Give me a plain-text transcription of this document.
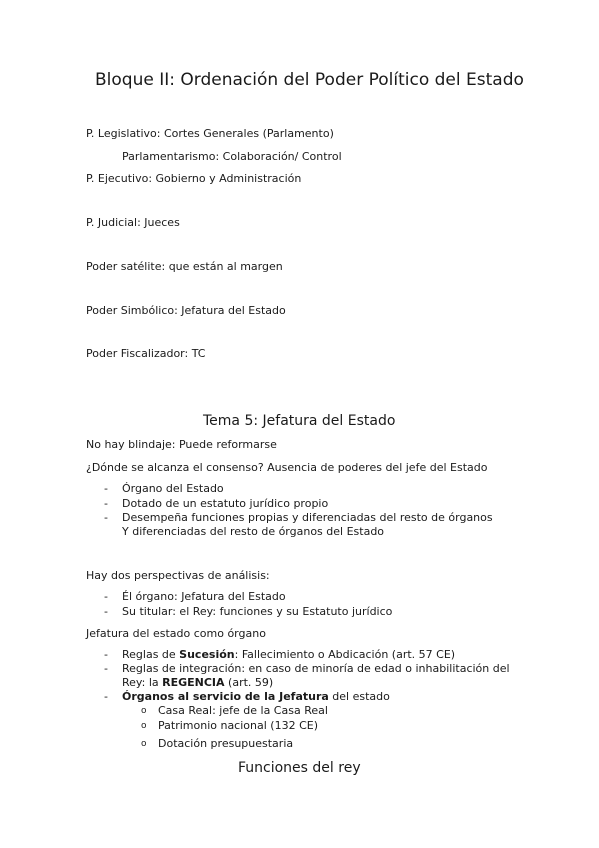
Bloque II: Ordenación del Poder Político del Estado
P. Legislativo: Cortes Generales (Parlamento)
Parlamentarismo: Colaboración/ Control
P. Ejecutivo: Gobierno y Administración
P. Judicial: Jueces
Poder satélite: que están al margen
Poder Simbólico: Jefatura del Estado
Poder Fiscalizador: TC
Tema 5: Jefatura del Estado
No hay blindaje: Puede reformarse
¿Dónde se alcanza el consenso? Ausencia de poderes del jefe del Estado
- Órgano del Estado
- Dotado de un estatuto jurídico propio
- Desempeña funciones propias y diferenciadas del resto de órganos
Y diferenciadas del resto de órganos del Estado
Hay dos perspectivas de análisis:
- Él órgano: Jefatura del Estado
- Su titular: el Rey: funciones y su Estatuto jurídico
Jefatura del estado como órgano
- Reglas de Sucesión: Fallecimiento o Abdicación (art. 57 CE)
- Reglas de integración: en caso de minoría de edad o inhabilitación del
Rey: la REGENCIA (art. 59)
- Órganos al servicio de la Jefatura del estado
o Casa Real: jefe de la Casa Real
o Patrimonio nacional (132 CE)
o Dotación presupuestaria
Funciones del rey
